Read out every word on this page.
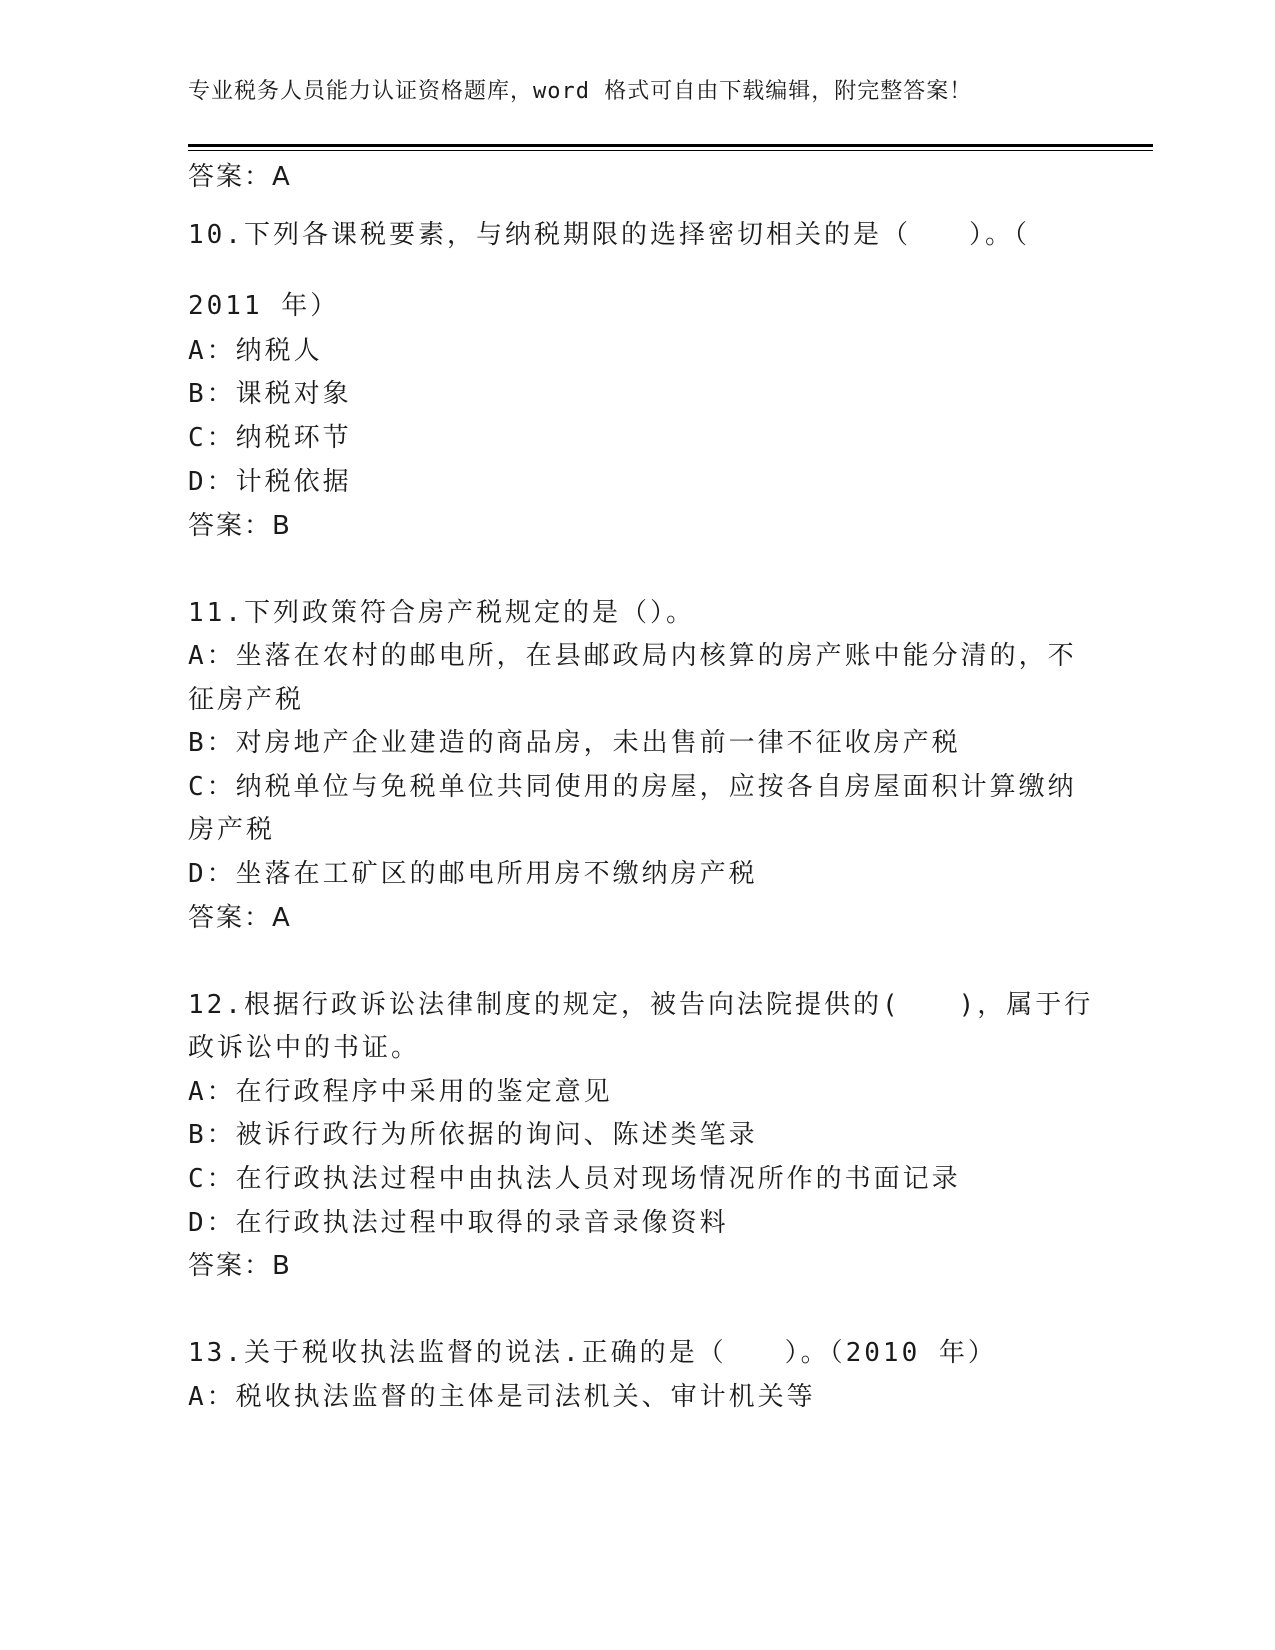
专业税务人员能力认证资格题库，word 格式可自由下载编辑，附完整答案！
答案：A
10.下列各课税要素，与纳税期限的选择密切相关的是（　　）。（
2011 年）
A：纳税人
B：课税对象
C：纳税环节
D：计税依据
答案：B
11.下列政策符合房产税规定的是（）。
A：坐落在农村的邮电所，在县邮政局内核算的房产账中能分清的，不
征房产税
B：对房地产企业建造的商品房，未出售前一律不征收房产税
C：纳税单位与免税单位共同使用的房屋，应按各自房屋面积计算缴纳
房产税
D：坐落在工矿区的邮电所用房不缴纳房产税
答案：A
12.根据行政诉讼法律制度的规定，被告向法院提供的(　　)，属于行
政诉讼中的书证。
A：在行政程序中采用的鉴定意见
B：被诉行政行为所依据的询问、陈述类笔录
C：在行政执法过程中由执法人员对现场情况所作的书面记录
D：在行政执法过程中取得的录音录像资料
答案：B
13.关于税收执法监督的说法.正确的是（　　）。（2010 年）
A：税收执法监督的主体是司法机关、审计机关等
